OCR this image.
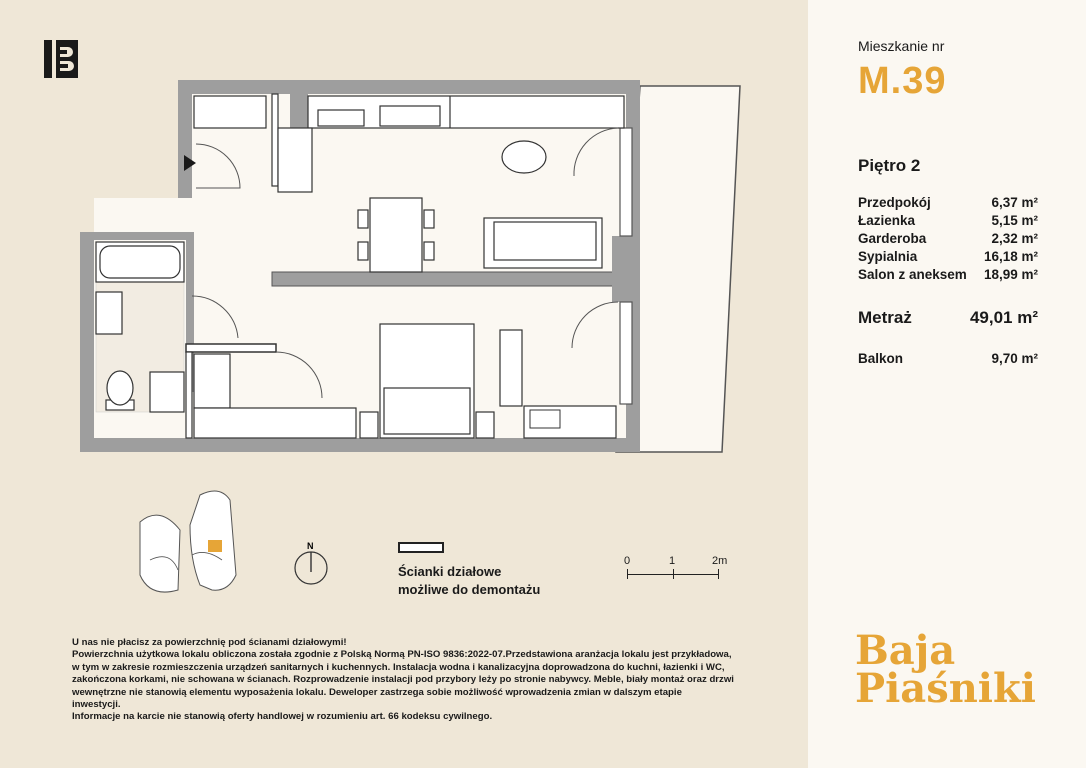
N
Mieszkanie nr
M.39
Piętro 2
Przedpokój	6,37 m²
Łazienka	5,15 m²
Garderoba	2,32 m²
Sypialnia	16,18 m²
Salon z aneksem 18,99 m²
Metraż	49,01 m²
Balkon	9,70 m²
Ścianki działowe
możliwe do demontażu
0	1	2m

U nas nie płacisz za powierzchnię pod ścianami działowymi!

Powierzchnia użytkowa lokalu obliczona została zgodnie z Polską Normą PN-ISO 9836:2022-07.Przedstawiona aranżacja lokalu jest przykładowa,

w tym w zakresie rozmieszczenia urządzeń sanitarnych i kuchennych. Instalacja wodna i kanalizacyjna doprowadzona do kuchni, łazienki i WC,

zakończona korkami, nie schowana w ścianach. Rozprowadzenie instalacji pod przybory leży po stronie nabywcy. Meble, biały montaż oraz drzwi

wewnętrzne nie stanowią elementu wyposażenia lokalu. Deweloper zastrzega sobie możliwość wprowadzenia zmian w dalszym etapie

inwestycji.

Informacje na karcie nie stanowią oferty handlowej w rozumieniu art. 66 kodeksu cywilnego.

Baja
Piaśniki
